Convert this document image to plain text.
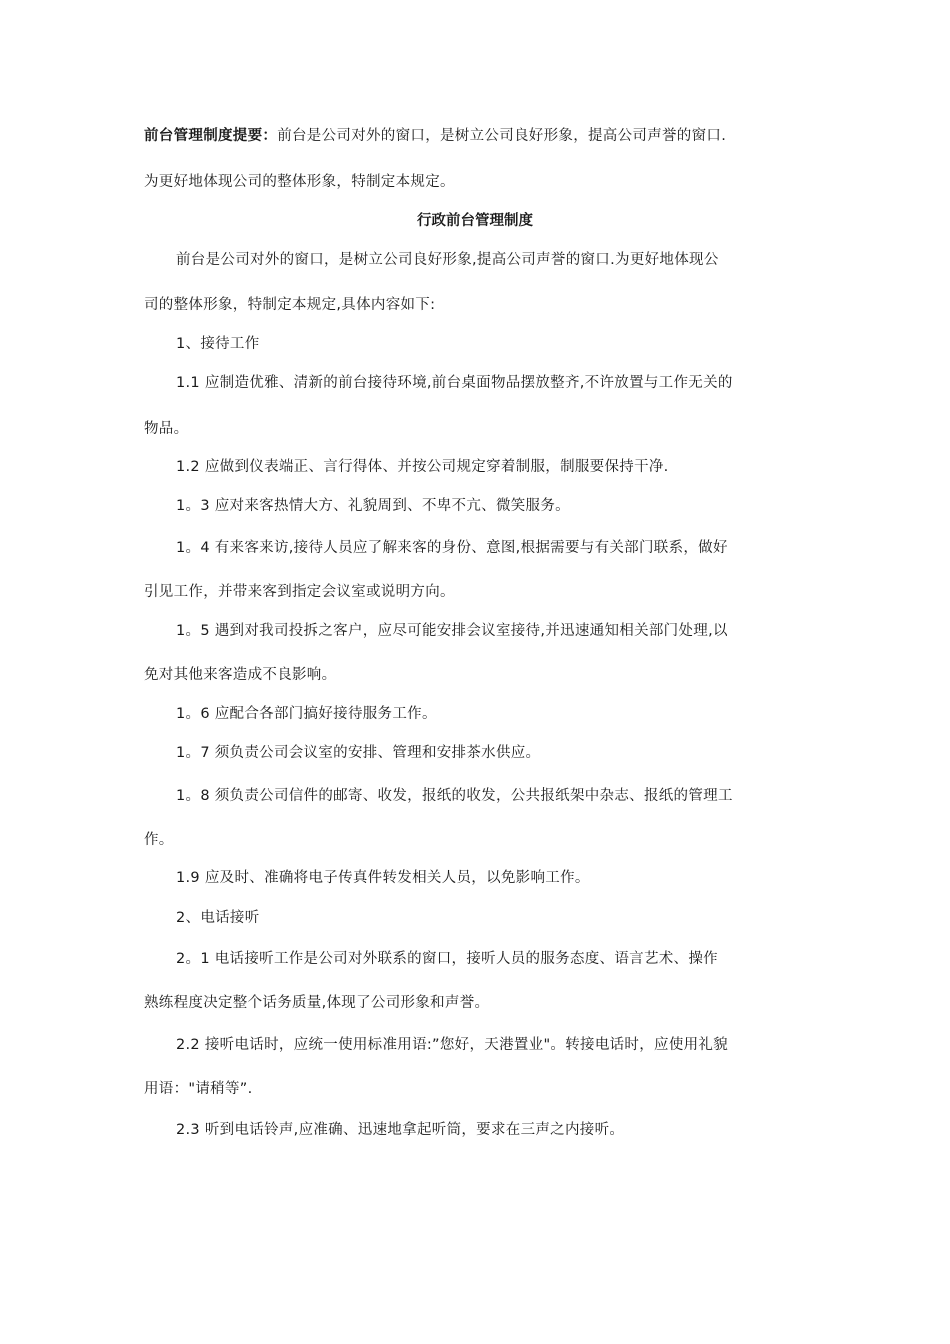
前台管理制度提要：前台是公司对外的窗口，是树立公司良好形象，提高公司声誉的窗口.
为更好地体现公司的整体形象，特制定本规定。
行政前台管理制度
前台是公司对外的窗口，是树立公司良好形象,提高公司声誉的窗口.为更好地体现公
司的整体形象，特制定本规定,具体内容如下:
1、接待工作
1.1 应制造优雅、清新的前台接待环境,前台桌面物品摆放整齐,不许放置与工作无关的
物品。
1.2 应做到仪表端正、言行得体、并按公司规定穿着制服，制服要保持干净.
1。3 应对来客热情大方、礼貌周到、不卑不亢、微笑服务。
1。4 有来客来访,接待人员应了解来客的身份、意图,根据需要与有关部门联系，做好
引见工作，并带来客到指定会议室或说明方向。
1。5 遇到对我司投拆之客户，应尽可能安排会议室接待,并迅速通知相关部门处理,以
免对其他来客造成不良影响。
1。6 应配合各部门搞好接待服务工作。
1。7 须负责公司会议室的安排、管理和安排茶水供应。
1。8 须负责公司信件的邮寄、收发，报纸的收发，公共报纸架中杂志、报纸的管理工
作。
1.9 应及时、准确将电子传真件转发相关人员，以免影响工作。
2、电话接听
2。1 电话接听工作是公司对外联系的窗口，接听人员的服务态度、语言艺术、操作
熟练程度决定整个话务质量,体现了公司形象和声誉。
2.2 接听电话时，应统一使用标准用语:”您好，天港置业"。转接电话时，应使用礼貌
用语："请稍等”.
2.3 听到电话铃声,应准确、迅速地拿起听筒，要求在三声之内接听。
